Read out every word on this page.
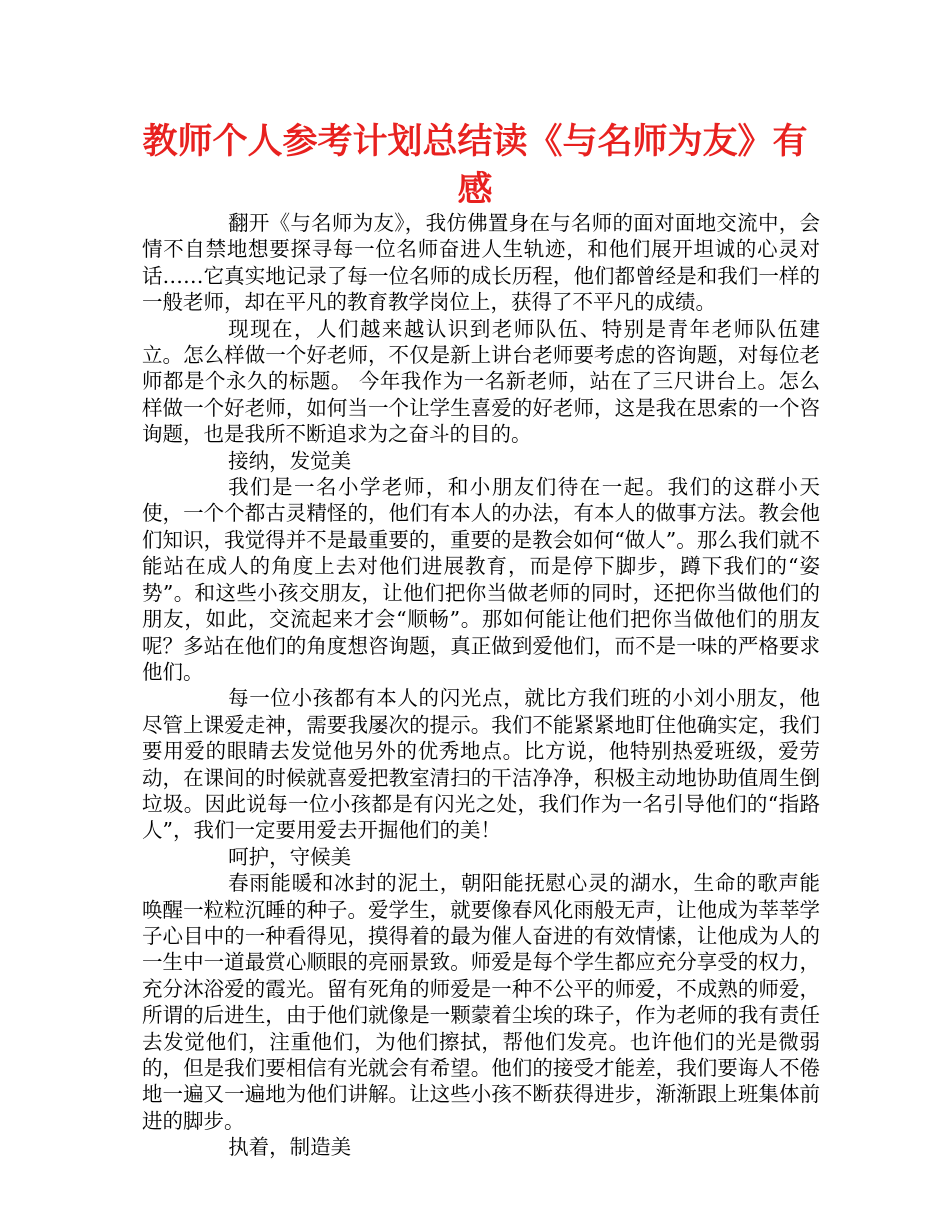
教师个人参考计划总结读《与名师为友》有感

翻开《与名师为友》，我仿佛置身在与名师的面对面地交流中，会情不自禁地想要探寻每一位名师奋进人生轨迹，和他们展开坦诚的心灵对话……它真实地记录了每一位名师的成长历程，他们都曾经是和我们一样的一般老师，却在平凡的教育教学岗位上，获得了不平凡的成绩。

现现在，人们越来越认识到老师队伍、特别是青年老师队伍建立。怎么样做一个好老师，不仅是新上讲台老师要考虑的咨询题，对每位老师都是个永久的标题。 今年我作为一名新老师，站在了三尺讲台上。怎么样做一个好老师，如何当一个让学生喜爱的好老师，这是我在思索的一个咨询题，也是我所不断追求为之奋斗的目的。

接纳，发觉美

我们是一名小学老师，和小朋友们待在一起。我们的这群小天使，一个个都古灵精怪的，他们有本人的办法，有本人的做事方法。教会他们知识，我觉得并不是最重要的，重要的是教会如何“做人”。那么我们就不能站在成人的角度上去对他们进展教育，而是停下脚步，蹲下我们的“姿势”。和这些小孩交朋友，让他们把你当做老师的同时，还把你当做他们的朋友，如此，交流起来才会“顺畅”。那如何能让他们把你当做他们的朋友呢？多站在他们的角度想咨询题，真正做到爱他们，而不是一味的严格要求他们。

每一位小孩都有本人的闪光点，就比方我们班的小刘小朋友，他尽管上课爱走神，需要我屡次的提示。我们不能紧紧地盯住他确实定，我们要用爱的眼睛去发觉他另外的优秀地点。比方说，他特别热爱班级，爱劳动，在课间的时候就喜爱把教室清扫的干洁净净，积极主动地协助值周生倒垃圾。因此说每一位小孩都是有闪光之处，我们作为一名引导他们的“指路人”，我们一定要用爱去开掘他们的美！

呵护，守候美

春雨能暖和冰封的泥土，朝阳能抚慰心灵的湖水，生命的歌声能唤醒一粒粒沉睡的种子。爱学生，就要像春风化雨般无声，让他成为莘莘学子心目中的一种看得见，摸得着的最为催人奋进的有效情愫，让他成为人的一生中一道最赏心顺眼的亮丽景致。师爱是每个学生都应充分享受的权力，充分沐浴爱的霞光。留有死角的师爱是一种不公平的师爱，不成熟的师爱，所谓的后进生，由于他们就像是一颗蒙着尘埃的珠子，作为老师的我有责任去发觉他们，注重他们，为他们擦拭，帮他们发亮。也许他们的光是微弱的，但是我们要相信有光就会有希望。他们的接受才能差，我们要诲人不倦地一遍又一遍地为他们讲解。让这些小孩不断获得进步，渐渐跟上班集体前进的脚步。

执着，制造美
